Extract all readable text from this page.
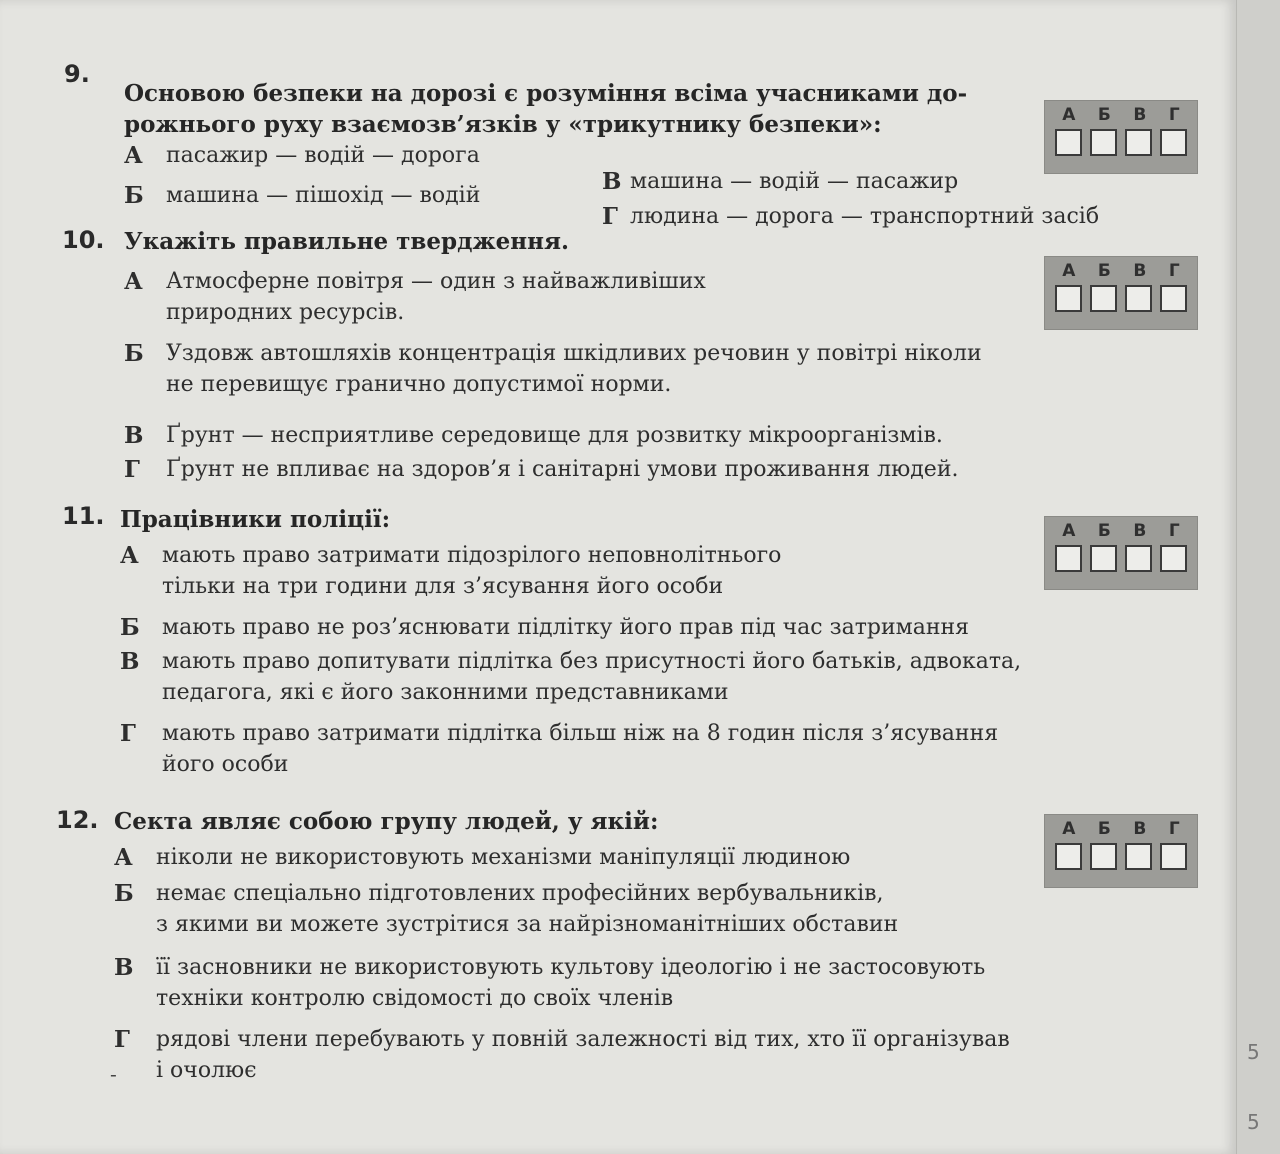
9.
Основою безпеки на дорозі є розуміння всіма учасниками до-
рожнього руху взаємозв’язків у «трикутнику безпеки»:
А	пасажир — водій — дорога
Б	машина — пішохід — водій
В машина — водій — пасажир
Г людина — дорога — транспортний засіб
А Б В Г
10. Укажіть правильне твердження.
А	Атмосферне повітря — один з найважливіших
природних ресурсів.
Б	Уздовж автошляхів концентрація шкідливих речовин у повітрі ніколи
не перевищує гранично допустимої норми.
В	Ґрунт — несприятливе середовище для розвитку мікроорганізмів.
Г	Ґрунт не впливає на здоров’я і санітарні умови проживання людей.
А Б В Г
11. Працівники поліції:
А	мають право затримати підозрілого неповнолітнього
тільки на три години для з’ясування його особи
Б	мають право не роз’яснювати підлітку його прав під час затримання
В	мають право допитувати підлітка без присутності його батьків, адвоката,
педагога, які є його законними представниками
Г	мають право затримати підлітка більш ніж на 8 годин після з’ясування
його особи
А Б В Г
12. Секта являє собою групу людей, у якій:
А	ніколи не використовують механізми маніпуляції людиною
Б	немає спеціально підготовлених професійних вербувальників,
з якими ви можете зустрітися за найрізноманітніших обставин
В	її засновники не використовують культову ідеологію і не застосовують
техніки контролю свідомості до своїх членів
Г	рядові члени перебувають у повній залежності від тих, хто її організував
і очолює
-
А Б В Г
5
5
